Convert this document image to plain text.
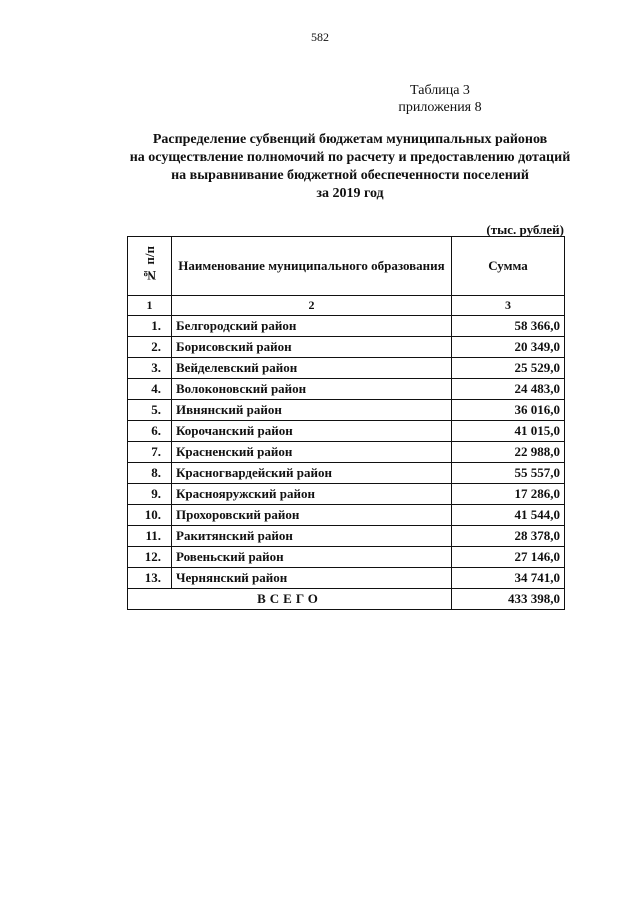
582
Таблица 3
приложения 8
Распределение субвенций бюджетам муниципальных районов
на осуществление полномочий по расчету и предоставлению дотаций
на выравнивание бюджетной обеспеченности поселений
за 2019 год
(тыс. рублей)
№ п/п	Наименование муниципального образования	Сумма
1	2	3
1.	Белгородский район	58 366,0
2.	Борисовский район	20 349,0
3.	Вейделевский район	25 529,0
4.	Волоконовский район	24 483,0
5.	Ивнянский район	36 016,0
6.	Корочанский район	41 015,0
7.	Красненский район	22 988,0
8.	Красногвардейский район	55 557,0
9.	Краснояружский район	17 286,0
10.	Прохоровский район	41 544,0
11.	Ракитянский район	28 378,0
12.	Ровеньский район	27 146,0
13.	Чернянский район	34 741,0
ВСЕГО		433 398,0
